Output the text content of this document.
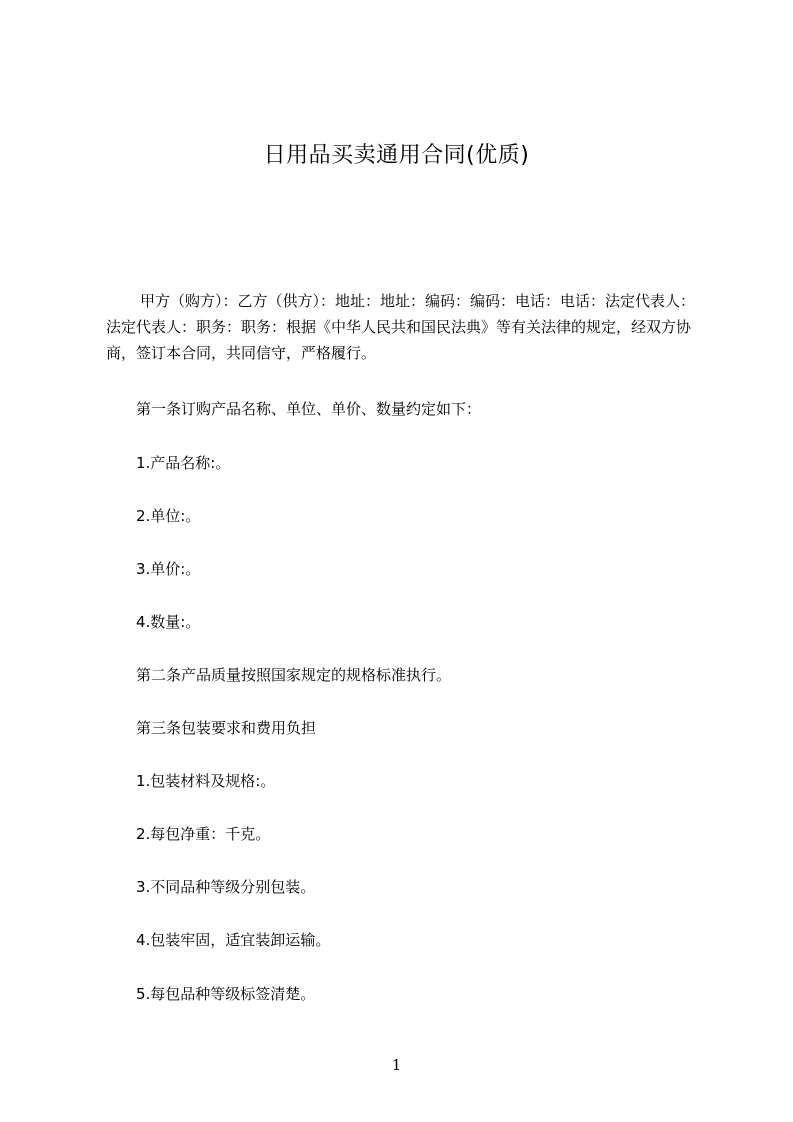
日用品买卖通用合同(优质)

甲方（购方）：乙方（供方）：地址：地址：编码：编码：电话：电话：法定代表人：法定代表人：职务：职务：根据《中华人民共和国民法典》等有关法律的规定，经双方协商，签订本合同，共同信守，严格履行。

第一条订购产品名称、单位、单价、数量约定如下：

1.产品名称:。

2.单位:。

3.单价:。

4.数量:。

第二条产品质量按照国家规定的规格标准执行。

第三条包装要求和费用负担

1.包装材料及规格:。

2.每包净重：千克。

3.不同品种等级分别包装。

4.包装牢固，适宜装卸运输。

5.每包品种等级标签清楚。

1
